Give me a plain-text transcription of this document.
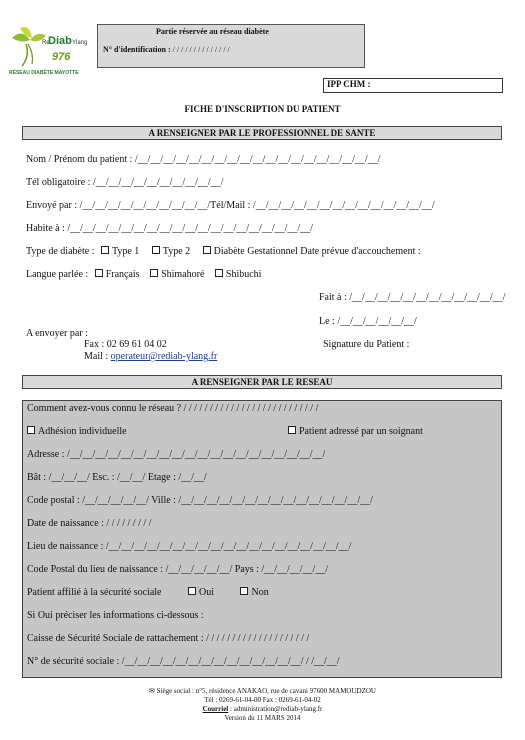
Re
Diab Ylang
976
RÉSEAU DIABÈTE MAYOTTE
Partie réservée au réseau diabète
N° d'identification : / / / / / / / / / / / / / /
IPP CHM :
FICHE D'INSCRIPTION DU PATIENT
A RENSEIGNER PAR LE PROFESSIONNEL DE SANTE
Nom / Prénom du patient : /__/__/__/__/__/__/__/__/__/__/__/__/__/__/__/__/__/__/__/
Tél obligatoire : /__/__/__/__/__/__/__/__/__/__/
Envoyé par : /__/__/__/__/__/__/__/__/__/__/Tél/Mail : /__/__/__/__/__/__/__/__/__/__/__/__/__/__/
Habite à : /__/__/__/__/__/__/__/__/__/__/__/__/__/__/__/__/__/__/__/
Type de diabète : Type 1 Type 2 Diabète Gestationnel Date prévue d'accouchement :
Langue parlée : Français Shimahoré Shibuchi
Fait à : /__/__/__/__/__/__/__/__/__/__/__/__/
Le : /__/__/__/__/__/__/
A envoyer par :
Fax : 02 69 61 04 02
Mail : operateur@rediab-ylang.fr
Signature du Patient :
A RENSEIGNER PAR LE RESEAU
Comment avez-vous connu le réseau ? / / / / / / / / / / / / / / / / / / / / / / / / / /
Adhésion individuelle	Patient adressé par un soignant
Adresse : /__/__/__/__/__/__/__/__/__/__/__/__/__/__/__/__/__/__/__/__/
Bât : /__/__/__/ Esc. : /__/__/ Etage : /__/__/
Code postal : /__/__/__/__/__/ Ville : /__/__/__/__/__/__/__/__/__/__/__/__/__/__/__/
Date de naissance : / / / / / / / / /
Lieu de naissance : /__/__/__/__/__/__/__/__/__/__/__/__/__/__/__/__/__/__/__/
Code Postal du lieu de naissance : /__/__/__/__/__/ Pays : /__/__/__/__/__/
Patient affilié à la sécurité sociale	Oui	Non
Si Oui préciser les informations ci-dessous :
Caisse de Sécurité Sociale de rattachement : / / / / / / / / / / / / / / / / / / / /
N° de sécurité sociale : /__/__/__/__/__/__/__/__/__/__/__/__/__/__/ / /__/__/
✉ Siège social : n°5, résidence ANAKAO, rue de cavani 97600 MAMOUDZOU
Tél : 0269-61-04-00 Fax : 0269-61-04-02
Courriel : administration@rediab-ylang.fr
Version du 11 MARS 2014
